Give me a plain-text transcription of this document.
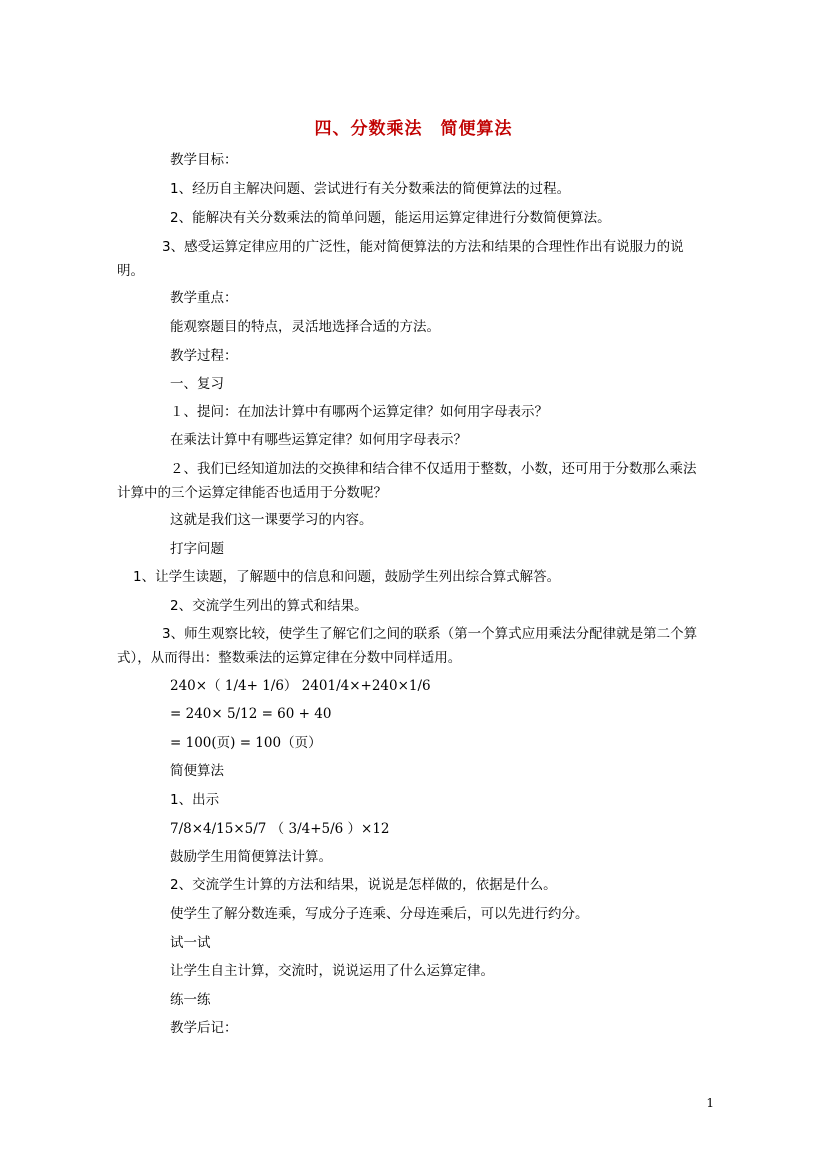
四、分数乘法　简便算法
教学目标：
1、经历自主解决问题、尝试进行有关分数乘法的简便算法的过程。
2、能解决有关分数乘法的简单问题，能运用运算定律进行分数简便算法。
3、感受运算定律应用的广泛性，能对简便算法的方法和结果的合理性作出有说服力的说明。
教学重点：
能观察题目的特点，灵活地选择合适的方法。
教学过程：
一、复习
１、提问：在加法计算中有哪两个运算定律？如何用字母表示？
在乘法计算中有哪些运算定律？如何用字母表示？
２、我们已经知道加法的交换律和结合律不仅适用于整数，小数，还可用于分数那么乘法计算中的三个运算定律能否也适用于分数呢？
这就是我们这一课要学习的内容。
打字问题
1、让学生读题，了解题中的信息和问题，鼓励学生列出综合算式解答。
2、交流学生列出的算式和结果。
3、师生观察比较，使学生了解它们之间的联系（第一个算式应用乘法分配律就是第二个算式），从而得出：整数乘法的运算定律在分数中同样适用。
240×（ 1/4+ 1/6） 2401/4×+240×1/6
= 240× 5/12 = 60 + 40
= 100(页) = 100（页）
简便算法
1、出示
7/8×4/15×5/7 （ 3/4+5/6 ）×12
鼓励学生用简便算法计算。
2、交流学生计算的方法和结果，说说是怎样做的，依据是什么。
使学生了解分数连乘，写成分子连乘、分母连乘后，可以先进行约分。
试一试
让学生自主计算，交流时，说说运用了什么运算定律。
练一练
教学后记：
1
